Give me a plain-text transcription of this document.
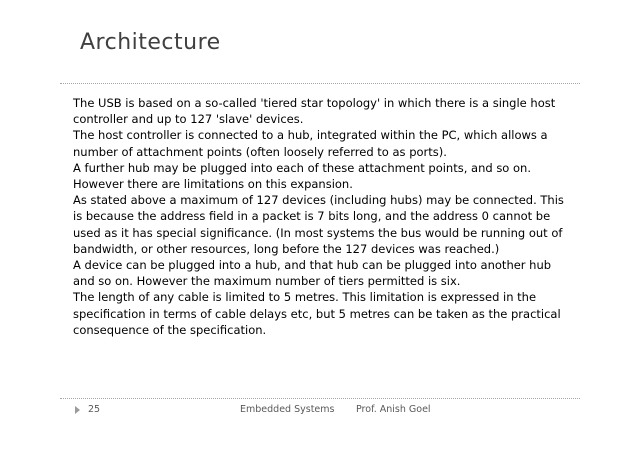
Architecture

The USB is based on a so-called 'tiered star topology' in which there is a single host controller and up to 127 'slave' devices.

The host controller is connected to a hub, integrated within the PC, which allows a number of attachment points (often loosely referred to as ports).

A further hub may be plugged into each of these attachment points, and so on. However there are limitations on this expansion.

As stated above a maximum of 127 devices (including hubs) may be connected. This is because the address field in a packet is 7 bits long, and the address 0 cannot be used as it has special significance. (In most systems the bus would be running out of bandwidth, or other resources, long before the 127 devices was reached.)

A device can be plugged into a hub, and that hub can be plugged into another hub and so on. However the maximum number of tiers permitted is six.

The length of any cable is limited to 5 metres. This limitation is expressed in the specification in terms of cable delays etc, but 5 metres can be taken as the practical consequence of the specification.

25	Embedded Systems Prof. Anish Goel
